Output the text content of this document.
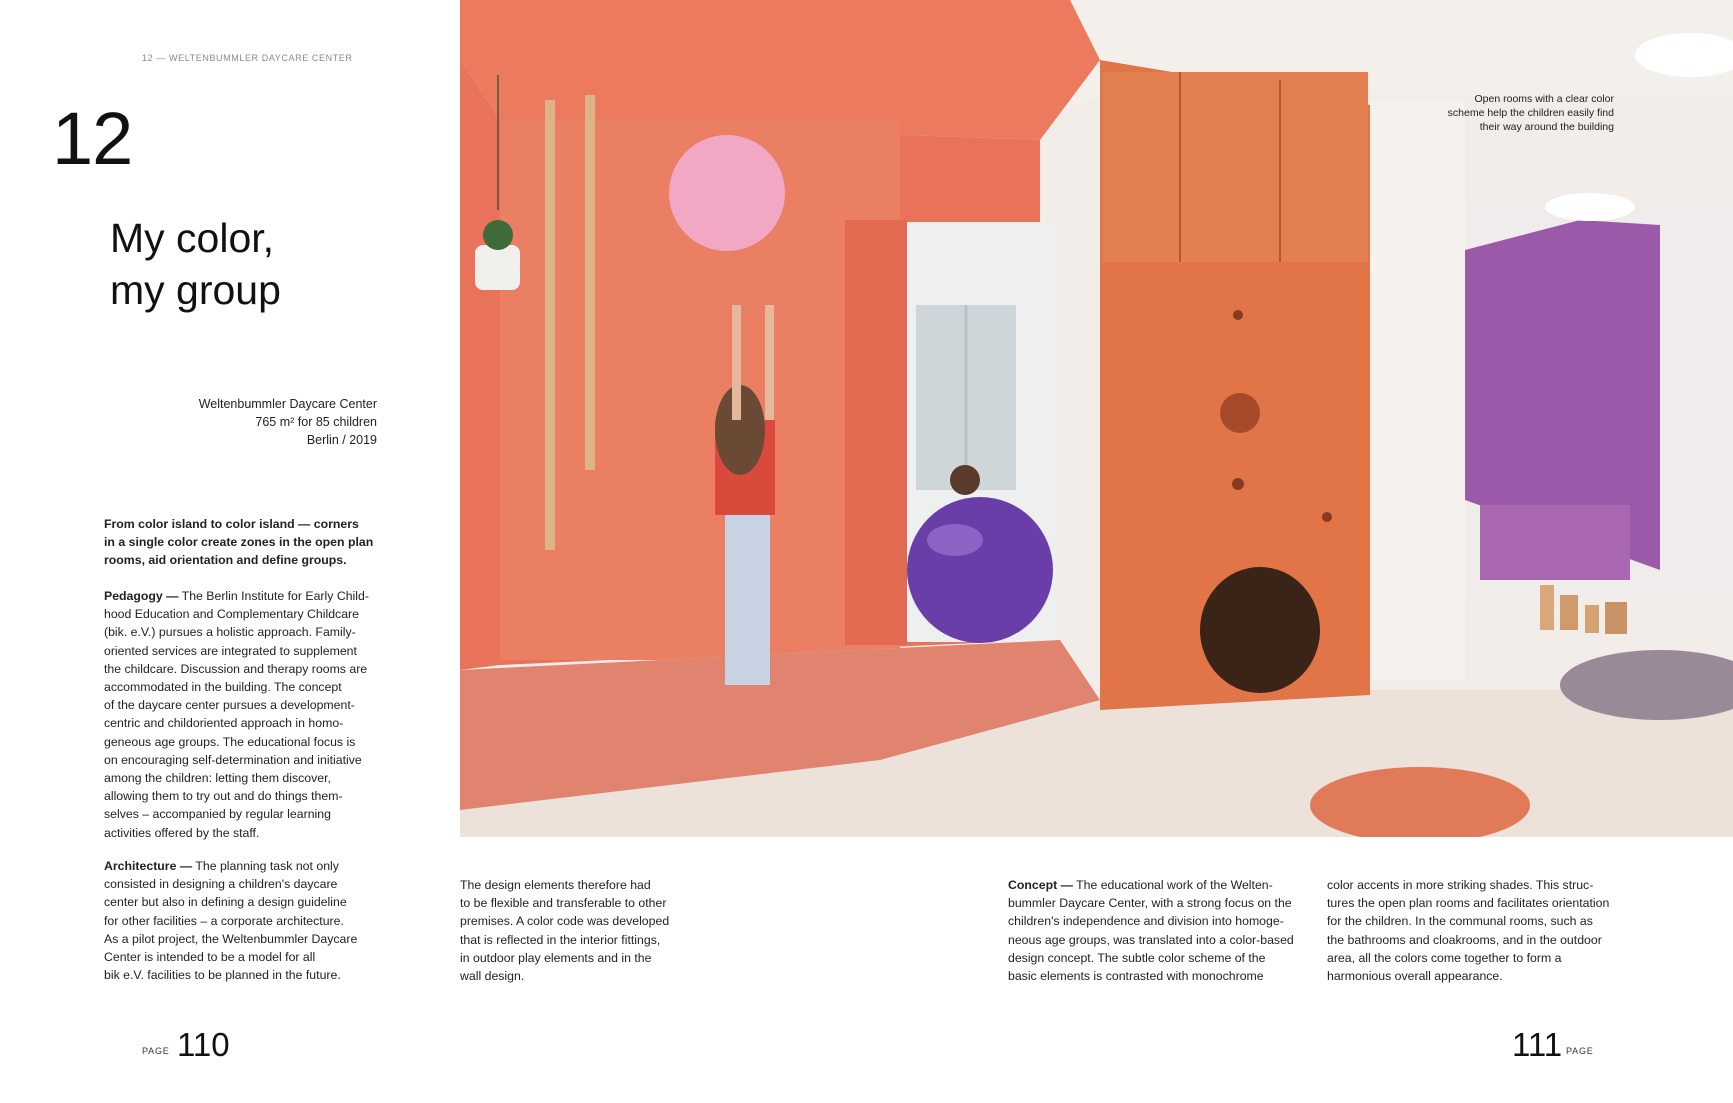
12 — WELTENBUMMLER DAYCARE CENTER
12
My color,
my group
Weltenbummler Daycare Center
765 m² for 85 children
Berlin / 2019

From color island to color island — corners

in a single color create zones in the open plan

rooms, aid orientation and define groups.

Pedagogy — The Berlin Institute for Early Child-

hood Education and Complementary Childcare

(bik. e.V.) pursues a holistic approach. Family-

oriented services are integrated to supplement

the childcare. Discussion and therapy rooms are

accommodated in the building. The concept

of the daycare center pursues a development-

centric and childoriented approach in homo-

geneous age groups. The educational focus is

on encouraging self-determination and initiative

among the children: letting them discover,

allowing them to try out and do things them-

selves – accompanied by regular learning

activities offered by the staff.

Architecture — The planning task not only

consisted in designing a children's daycare

center but also in defining a design guideline

for other facilities – a corporate architecture.

As a pilot project, the Weltenbummler Daycare

Center is intended to be a model for all

bik e.V. facilities to be planned in the future.

PAGE 110
Open rooms with a clear color
scheme help the children easily find
their way around the building

The design elements therefore had

to be flexible and transferable to other

premises. A color code was developed

that is reflected in the interior fittings,

in outdoor play elements and in the

wall design.

Concept — The educational work of the Welten-

bummler Daycare Center, with a strong focus on the

children's independence and division into homoge-

neous age groups, was translated into a color-based

design concept. The subtle color scheme of the

basic elements is contrasted with monochrome

color accents in more striking shades. This struc-

tures the open plan rooms and facilitates orientation

for the children. In the communal rooms, such as

the bathrooms and cloakrooms, and in the outdoor

area, all the colors come together to form a

harmonious overall appearance.

111 PAGE
